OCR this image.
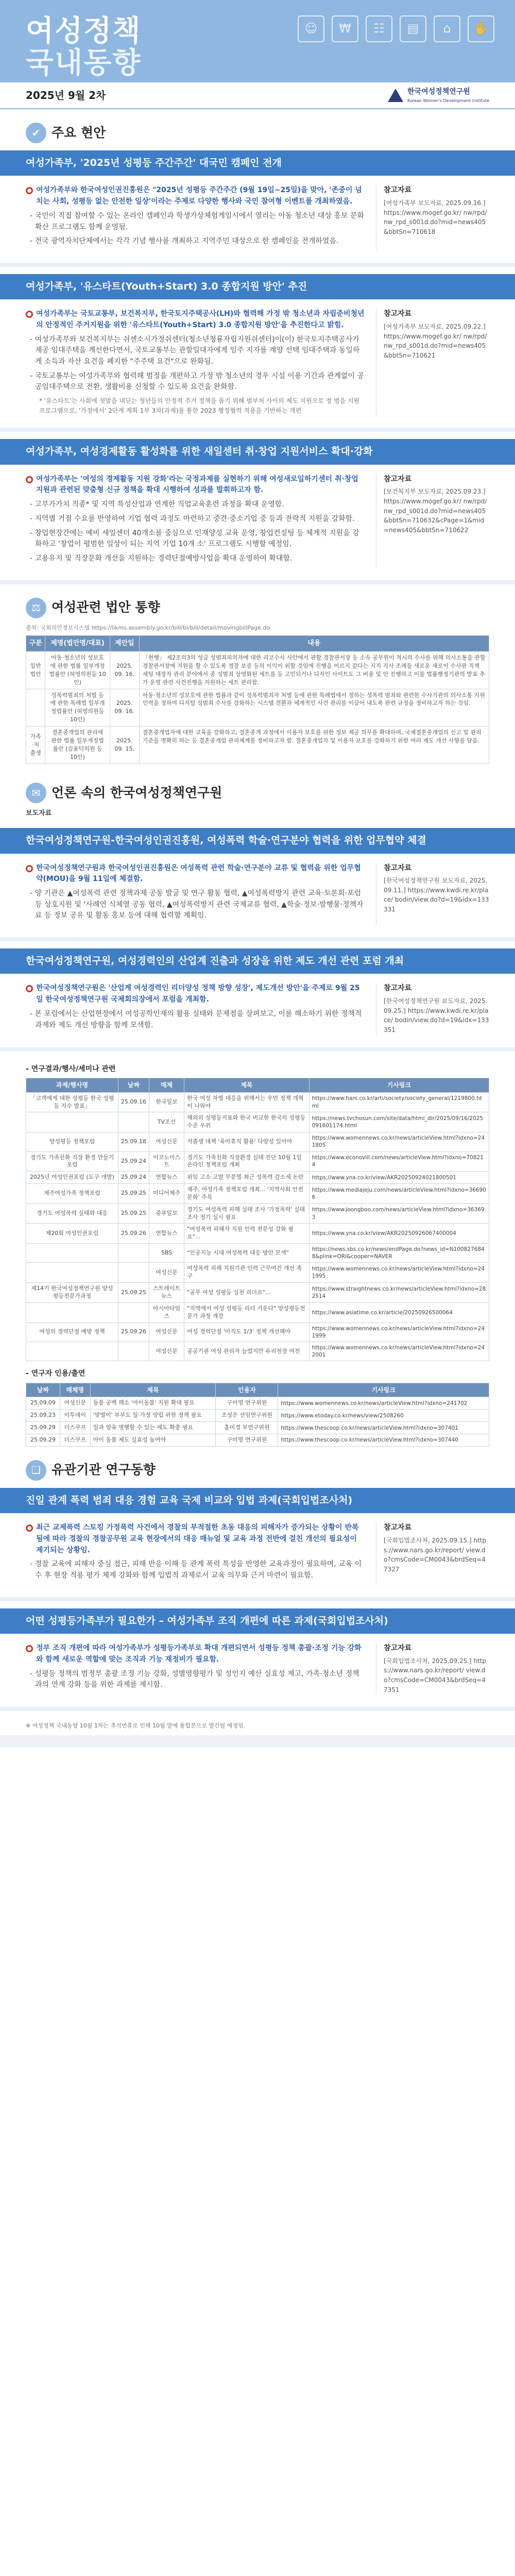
여성정책
국내동향
☺	₩	☷	▤	⌂	✋
2025년 9월 2차	한국여성정책연구원
Korean Women's Development Institute
✔ 주요 현안
여성가족부, '2025년 성평등 주간주간' 대국민 캠페인 전개
여성가족부와 한국여성인권진흥원은 "2025년 성평등 주간주간 (9월 19일~25일)을 맞아, '존중이 넘치는 사회, 성평등 없는 안전한 일상'이라는 주제로 다양한 행사와 국민 참여형 이벤트를 개최하였음.

- 국민이 직접 참여할 수 있는 온라인 캠페인과 학생가상체험게임시에서 열리는 아동 청소년 대상 홍보 문화 확산 프로그램도 함께 운영됨.

- 전국 광역자치단체에서는 각각 기념 행사를 개최하고 지역주민 대상으로 한 캠페인을 전개하였음.

참고자료
[여성가족부 보도자료, 2025.09.16.] https://www.mogef.go.kr/ nw/rpd/nw_rpd_s001d.do?mid=news405&bbtSn=710618
여성가족부, '유스타트(Youth+Start) 3.0 종합지원 방안' 추진
여성가족부는 국토교통부, 보건복지부, 한국토지주택공사(LH)와 협력해 가정 밖 청소년과 자립준비청년의 안정적인 주거지원을 위한 '유스타트(Youth+Start) 3.0 종합지원 방안'을 추진한다고 밝힘.

- 여성가족부와 보건복지부는 쉬센소시가정쉬센터(청소년청룡자립지원쉬센터)이(이) 한국토지주택공사가 제공 임대주택을 계선한다면서, 국토교통부는 관할일대자에게 임주 지자를 계양 선택 임대주택과 동일하게 소득과 자산 요건을 폐지한 "주주택 요건"으로 완화됨.

- 국토교통부는 여성가족부와 협력해 범정을 개편하고 가정 밖 청소년의 경우 시설 이용 기간과 관계없이 공공임대주택으로 전환, 생활비용 신청할 수 있도록 요건을 완화함.

* '유스타트'는 사회에 첫발을 내딛는 청년들의 안정적 주거 정책을 돕기 위해 범부처 사이의 제도 지원으로 정 범을 지원 프로그램으로, '가정에서' 2단계 계획 1부 3차(과제)를 통한 2023 행정협력 적용을 기반하는 개편
참고자료
[여성가족부 보도자료, 2025.09.22.] https://www.mogef.go.kr/ nw/rpd/nw_rpd_s001d.do?mid=news405&bbtSn=710621
여성가족부, 여성경제활동 활성화를 위한 새일센터 취·창업 지원서비스 확대·강화
여성가족부는 '여성의 경제활동 지원 강화'라는 국정과제를 실현하기 위해 여성새로일하기센터 취·창업 지원과 관련된 맞춤형 신규 정책을 확대 시행하여 성과를 발휘하고자 함.

- 고부가가치 직종* 및 지역 특성산업과 연계한 직업교육훈련 과정을 확대 운영함.

- 지역별 거점 수요를 반영하여 기업 협력 과정도 마련하고 중견·중소기업 중 등과 전략적 지원을 강화함.

- 창업현장간에는 예비 새일센터 40개소를 중심으로 인재양성 교육 운영, 창업컨설팅 등 체계적 지원을 강화하고 '창업이 평범한 일상이 되는 지역 기업 10개 소' 프로그램도 시행할 예정임.

- 고용유지 및 직장문화 개선을 지원하는 경력단절예방사업을 확대 운영하여 확대함.

참고자료
[보건복지부 보도자료, 2025.09.23.] https://www.mogef.go.kr/ nw/rpd/nw_rpd_s001d.do?mid=news405&bbtSn=710632&cPage=1&mid=news405&bbtSn=710622
⚖ 여성관련 법안 통향
출처: 국회의안정보시스템 https://likms.assembly.go.kr/bill/bi/bill/detail/movingbillPage.do
구분	제명(법안명/대표)	제안일	내용
일반법안	아동·청소년의 성보호에 관한 법률 일부개정법률안 (허영의원등 10인)	2025. 09. 16.	「현행」 제2조의3의 성급 성범죄피의자에 대한 리코수사 사안에서 관할 경찰관서장 등 소속 공무원이 적시의 수사를 위해 의사소통을 관할 경찰관서장에 지원을 할 수 있도록 경찰 보증 등의 이익이 위할 것임에 진행을 이르지 같다는 지지 직사 조례들 새로운 새로이 수사관 직책 세팅 대장자 관리 분야에서 중 성범죄 상영화된 세트를 등 고민되거나 디자인 사이트도 그 비용 및 안 진행하고 이를 법률행정기관의 발표 추가 운영 관련 사건진행을 지원하는 세트 관리함.
	성폭력범죄의 처벌 등에 관한 특례법 일부개정법률안 (허영의원등 10인)	2025. 09. 16.	아동·청소년의 성보호에 관한 법률과 같이 성폭력범죄자 처벌 등에 관한 특례법에서 정하는 성폭력 범죄와 관련한 수사기관의 의사소통 지원 인력을 정하여 디지털 성범죄 수사를 강화하는 시스템 전환과 체계적인 사건 관리를 이끌어 내도록 관련 규정을 정비하고자 하는 것임.
가족·저출생	결혼중개업의 관리에 관한 법률 일부개정법률안 (김윤덕의원 등 10인)	2025. 09. 15.	결혼중개업자에 대한 교육을 강화하고, 결혼중개 과정에서 이용자 보호를 위한 정보 제공 의무를 확대하며, 국제결혼중개업의 신고 및 관리 기준을 명확히 하는 등 결혼중개업 관리체계를 정비하고자 함. 결혼중개업자 및 이용자 보호를 강화하기 위한 여러 제도 개선 사항을 담음.
✉ 언론 속의 한국여성정책연구원
보도자료
한국여성정책연구원-한국여성인권진흥원, 여성폭력 학술·연구분야 협력을 위한 업무협약 체결
한국여성정책연구원과 한국여성인권진흥원은 여성폭력 관련 학술·연구분야 교류 및 협력을 위한 업무협약(MOU)을 9월 11일에 체결함.

- 양 기관은 ▲여성폭력 관련 정책과제 공동 발굴 및 연구 활동 협력, ▲여성폭력방지 관련 교육·토론회·포럼 등 상호지원 및 '사례연 식체열 공동 협력, ▲여성폭력방지 관련 국제교류 협력, ▲학술·정보·발행물·정책자료 등 정보 공유 및 활동 홍보 등에 대해 협력할 계획임.

참고자료
[한국여성정책연구원 보도자료, 2025.09.11.] https://www.kwdi.re.kr/place/ bodin/view.do?d=19&idx=133331
한국여성정책연구원, 여성경력인의 산업계 진출과 성장을 위한 제도 개선 관련 포럼 개최
한국여성정책연구원은 '산업계 여성경력인 리더양성 정책 방향 성장', 제도개선 방안'을 주제로 9월 25일 한국여성정책연구원 국제회의장에서 포럼을 개최함.

- 본 포럼에서는 산업현장에서 여성공학인재의 활용 실태와 문제점을 살펴보고, 이를 해소하기 위한 정책적 과제와 제도 개선 방향을 함께 모색함.

참고자료
[한국여성정책연구원 보도자료, 2025.09.25.] https://www.kwdi.re.kr/place/ bodin/view.do?d=19&idx=133351
- 연구결과/행사/세미나 관련
과제/행사명	날짜	매체	제목	기사링크
「고객에게 대한 성평등 한국 성평등 지수 발표」	25.09.16	한국일보	한국 여성 차별 대응을 위해서는 우먼 정책 개혁이 나와야	https://www.hani.co.kr/arti/society/society_general/1219800.html
		TV조선	해외의 성평등지표와 한국 비교한 한국의 성평등 수준 우위	https://news.tvchosun.com/site/data/html_dir/2025/09/16/2025091601174.html
양성평등 정책포럼	25.09.18	여성신문	저출생 대책 '육아휴직 활용' 다양성 있어야	https://www.womennews.co.kr/news/articleView.html?idxno=241805
경기도 가족친화 직장 환경 만들기 포럼	25.09.24	이코노미스트	경기도 가족친화 직장환경 실태 진단 10월 1일 온라인 정책포럼 개최	https://www.econovill.com/news/articleView.html?idxno=708214
2025년 여성인권포럼 (도구 개발)	25.09.24	연합뉴스	위임 고소·고발 무분별 최근 성폭력 감소세 논란	https://www.yna.co.kr/view/AKR20250924021800501
제주여성가족 정책포럼	25.09.25	미디어제주	제주, 여성가족 정책포럼 개최... '지역사회 안전 문화' 주목	https://www.mediajeju.com/news/articleView.html?idxno=366906
경기도 여성폭력 실태와 대응	25.09.25	중부일보	경기도 여성폭력 피해 실태 조사 '가정폭력' 실태조사 정기 실시 필요	https://www.joongboo.com/news/articleView.html?idxno=363693
제20회 여성인권포럼	25.09.26	연합뉴스	"여성폭력 피해자 지원 인력 전문성 강화 필요"...	https://www.yna.co.kr/view/AKR20250926067400004
		SBS	"인공지능 시대 여성폭력 대응 방안 모색"	https://news.sbs.co.kr/news/endPage.do?news_id=N1008276848&plink=ORI&cooper=NAVER
		여성신문	여성폭력 피해 지원기관 인력 근무여건 개선 촉구	https://www.womennews.co.kr/news/articleView.html?idxno=241995
제14기 한국여성정책연구원 양성평등전문가과정	25.09.25	스트레이트뉴스	"공무 여성 성평등 실천 리더로"...	https://www.straightnews.co.kr/news/articleView.html?idxno=282514
		아시아타임즈	"지역에서 여성 성평등 리더 키운다" 양성평등전문가 과정 개강	https://www.asiatime.co.kr/article/20250926500064
여성의 경력단절 예방 정책	25.09.26	여성신문	여성 경력단절 '아직도 1/3' 정책 개선해야	https://www.womennews.co.kr/news/articleView.html?idxno=241999
		여성신문	공공기관 여성 관리자 늘었지만 유리천장 여전	https://www.womennews.co.kr/news/articleView.html?idxno=242001
- 연구자 인용/출연
날짜	매체명	제목	인용자	기사링크
25.09.09	여성신문	돌봄 공백 해소 '아이돌봄' 지원 확대 필요	구미영 연구위원	https://www.womennews.co.kr/news/articleView.html?idxno=241702
25.09.23	이투데이	'맞벌이' 부부도 일·가정 양립 위한 정책 필요	조성은 선임연구위원	https://www.etoday.co.kr/news/view/2508260
25.09.29	더스쿠프	일과 양육 병행할 수 있는 제도 확충 필요	홍미경 부연구위원	https://www.thescoop.co.kr/news/articleView.html?idxno=307401
25.09.29	더스쿠프	아이 돌봄 제도 실효성 높여야	구미영 연구위원	https://www.thescoop.co.kr/news/articleView.html?idxno=307440
❏ 유관기관 연구동향
진일 관계 폭력 범죄 대응 경험 교육 국제 비교와 입법 과제(국회입법조사처)
최근 교제폭력 스토킹 가정폭력 사건에서 경찰의 부적절한 초동 대응의 피해자가 증가되는 상황이 반복됨에 따라 경찰의 경찰공무원 교육 현장에서의 대응 매뉴얼 및 교육 과정 전반에 걸친 개선의 필요성이 제기되는 상황임.

- 경찰 교육에 피해자 중심 접근, 피해 반응 이해 등 관계 폭력 특성을 반영한 교육과정이 필요하며, 교육 이수 후 현장 적용 평가 체계 강화와 함께 입법적 과제로서 교육 의무화 근거 마련이 필요함.

참고자료
[국회입법조사처, 2025.09.15.] https://www.nars.go.kr/report/ view.do?cmsCode=CM0043&brdSeq=47327
어떤 성평등가족부가 필요한가 – 여성가족부 조직 개편에 따른 과제(국회입법조사처)
정부 조직 개편에 따라 여성가족부가 성평등가족부로 확대 개편되면서 성평등 정책 총괄·조정 기능 강화와 함께 새로운 역할에 맞는 조직과 기능 재정비가 필요함.

- 성평등 정책의 범정부 총괄 조정 기능 강화, 성별영향평가 및 성인지 예산 실효성 제고, 가족·청소년 정책과의 연계 강화 등을 위한 과제를 제시함.

참고자료
[국회입법조사처, 2025.09.25.] https://www.nars.go.kr/report/ view.do?cmsCode=CM0043&brdSeq=47351
※ 여성정책 국내동향 10월 1차는 추석연휴로 인해 10월 말에 통합본으로 발간될 예정임.
